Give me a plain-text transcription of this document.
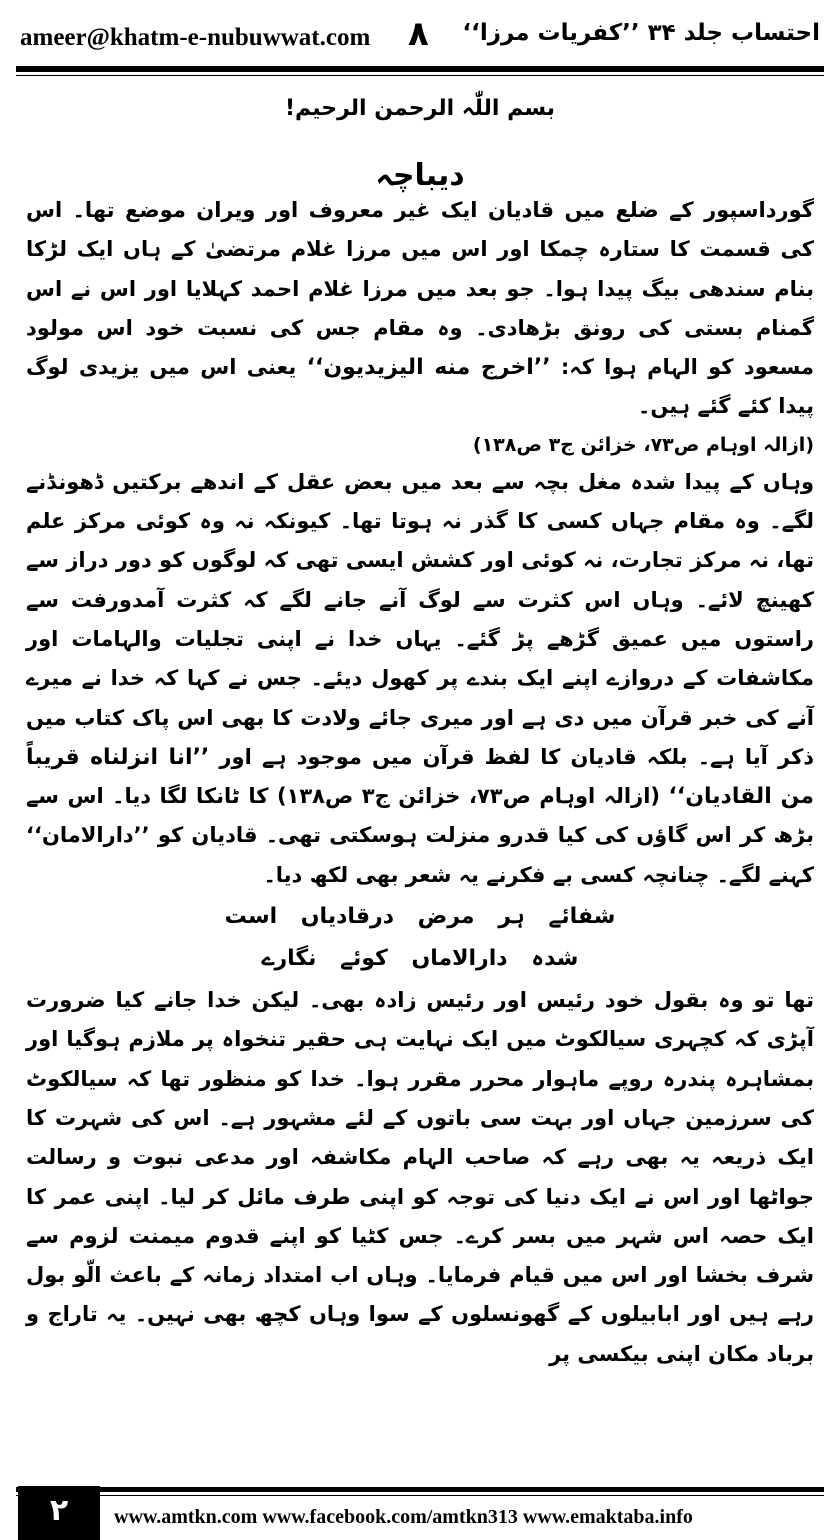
ameer@khatm-e-nubuwwat.com ۸ احتساب جلد ۳۴ ’’کفریات مرزا‘‘
بسم اللّٰہ الرحمن الرحیم!
دیباچہ

گورداسپور کے ضلع میں قادیان ایک غیر معروف اور ویران موضع تھا۔ اس کی قسمت کا ستارہ چمکا اور اس میں مرزا غلام مرتضیٰ کے ہاں ایک لڑکا بنام سندھی بیگ پیدا ہوا۔ جو بعد میں مرزا غلام احمد کہلایا اور اس نے اس گمنام بستی کی رونق بڑھادی۔ وہ مقام جس کی نسبت خود اس مولود مسعود کو الہام ہوا کہ: ’’اخرج منه الیزیدیون‘‘ یعنی اس میں یزیدی لوگ پیدا کئے گئے ہیں۔

(ازالہ اوہام ص۷۳، خزائن ج۳ ص۱۳۸)

وہاں کے پیدا شدہ مغل بچہ سے بعد میں بعض عقل کے اندھے برکتیں ڈھونڈنے لگے۔ وہ مقام جہاں کسی کا گذر نہ ہوتا تھا۔ کیونکہ نہ وہ کوئی مرکز علم تھا، نہ مرکز تجارت، نہ کوئی اور کشش ایسی تھی کہ لوگوں کو دور دراز سے کھینچ لائے۔ وہاں اس کثرت سے لوگ آنے جانے لگے کہ کثرت آمدورفت سے راستوں میں عمیق گڑھے پڑ گئے۔ یہاں خدا نے اپنی تجلیات والہامات اور مکاشفات کے دروازے اپنے ایک بندے پر کھول دیئے۔ جس نے کہا کہ خدا نے میرے آنے کی خبر قرآن میں دی ہے اور میری جائے ولادت کا بھی اس پاک کتاب میں ذکر آیا ہے۔ بلکہ قادیان کا لفظ قرآن میں موجود ہے اور ’’انا انزلناه قریباً من القادیان‘‘ (ازالہ اوہام ص۷۳، خزائن ج۳ ص۱۳۸) کا ٹانکا لگا دیا۔ اس سے بڑھ کر اس گاؤں کی کیا قدرو منزلت ہوسکتی تھی۔ قادیان کو ’’دارالامان‘‘ کہنے لگے۔ چنانچہ کسی بے فکرنے یہ شعر بھی لکھ دیا۔

شفائے ہر مرض درقادیاں است
شدہ دارالاماں کوئے نگارے

تھا تو وہ بقول خود رئیس اور رئیس زادہ بھی۔ لیکن خدا جانے کیا ضرورت آپڑی کہ کچہری سیالکوٹ میں ایک نہایت ہی حقیر تنخواہ پر ملازم ہوگیا اور بمشاہرہ پندرہ روپے ماہوار محرر مقرر ہوا۔ خدا کو منظور تھا کہ سیالکوٹ کی سرزمین جہاں اور بہت سی باتوں کے لئے مشہور ہے۔ اس کی شہرت کا ایک ذریعہ یہ بھی رہے کہ صاحب الہام مکاشفہ اور مدعی نبوت و رسالت جواٹھا اور اس نے ایک دنیا کی توجہ کو اپنی طرف مائل کر لیا۔ اپنی عمر کا ایک حصہ اس شہر میں بسر کرے۔ جس کٹیا کو اپنے قدوم میمنت لزوم سے شرف بخشا اور اس میں قیام فرمایا۔ وہاں اب امتداد زمانہ کے باعث الّو بول رہے ہیں اور ابابیلوں کے گھونسلوں کے سوا وہاں کچھ بھی نہیں۔ یہ تاراج و برباد مکان اپنی بیکسی پر

۲	www.amtkn.com www.facebook.com/amtkn313 www.emaktaba.info
